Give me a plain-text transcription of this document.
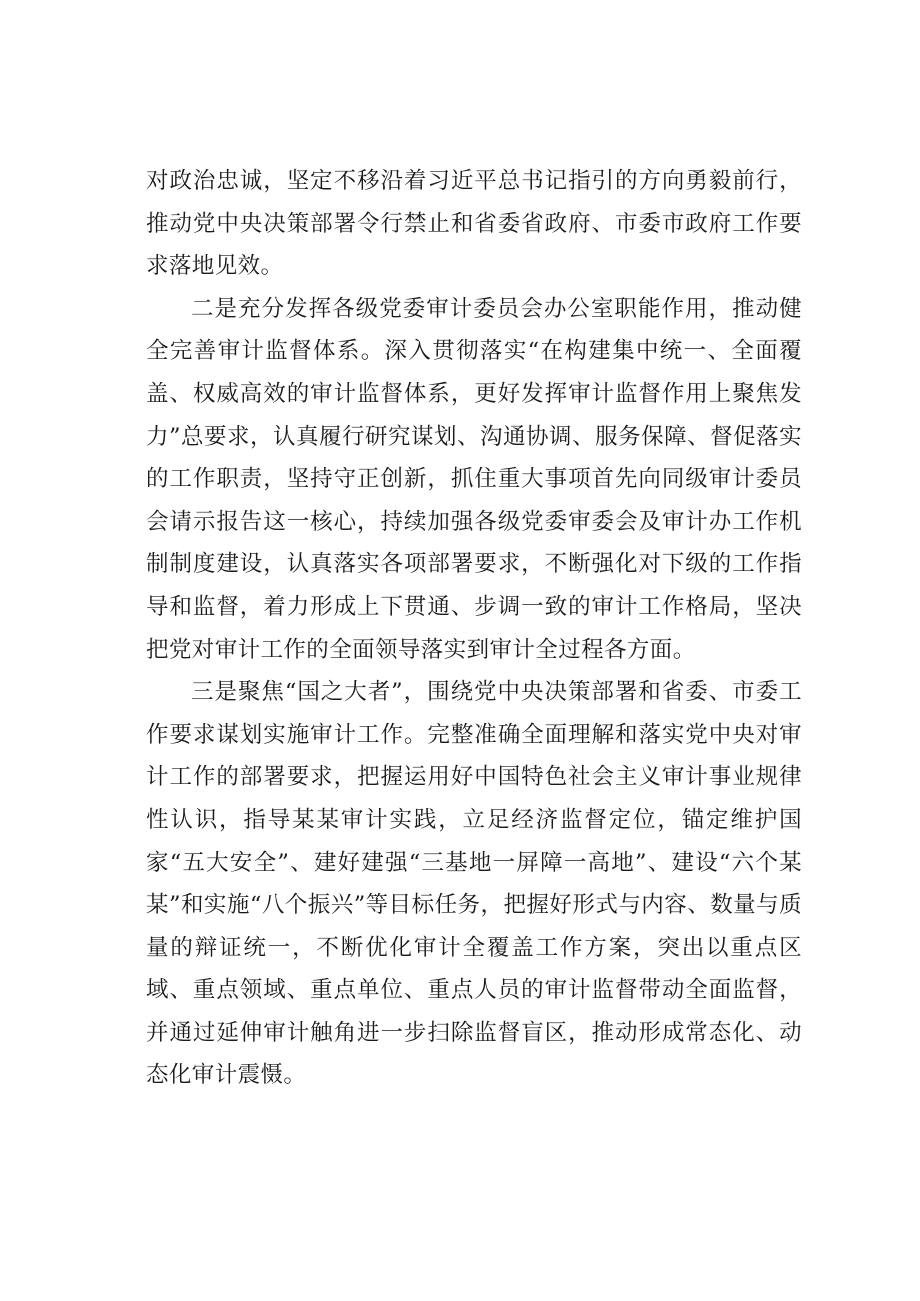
对政治忠诚，坚定不移沿着习近平总书记指引的方向勇毅前行，推动党中央决策部署令行禁止和省委省政府、市委市政府工作要求落地见效。

二是充分发挥各级党委审计委员会办公室职能作用，推动健全完善审计监督体系。深入贯彻落实“在构建集中统一、全面覆盖、权威高效的审计监督体系，更好发挥审计监督作用上聚焦发力”总要求，认真履行研究谋划、沟通协调、服务保障、督促落实的工作职责，坚持守正创新，抓住重大事项首先向同级审计委员会请示报告这一核心，持续加强各级党委审委会及审计办工作机制制度建设，认真落实各项部署要求，不断强化对下级的工作指导和监督，着力形成上下贯通、步调一致的审计工作格局，坚决把党对审计工作的全面领导落实到审计全过程各方面。

三是聚焦“国之大者”，围绕党中央决策部署和省委、市委工作要求谋划实施审计工作。完整准确全面理解和落实党中央对审计工作的部署要求，把握运用好中国特色社会主义审计事业规律性认识，指导某某审计实践，立足经济监督定位，锚定维护国家“五大安全”、建好建强“三基地一屏障一高地”、建设“六个某某”和实施“八个振兴”等目标任务，把握好形式与内容、数量与质量的辩证统一，不断优化审计全覆盖工作方案，突出以重点区域、重点领域、重点单位、重点人员的审计监督带动全面监督，并通过延伸审计触角进一步扫除监督盲区，推动形成常态化、动态化审计震慑。
